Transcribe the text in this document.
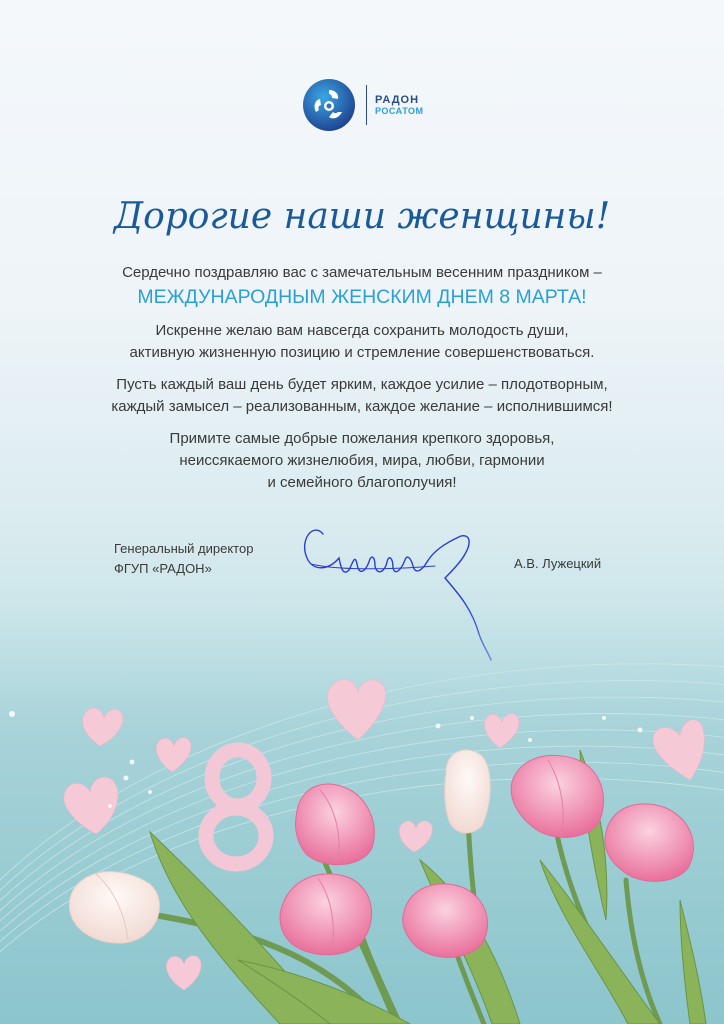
РАДОН
РОСАТОМ
Дорогие наши женщины!

Сердечно поздравляю вас с замечательным весенним праздником –
МЕЖДУНАРОДНЫМ ЖЕНСКИМ ДНЕМ 8 МАРТА!

Искренне желаю вам навсегда сохранить молодость души,
активную жизненную позицию и стремление совершенствоваться.

Пусть каждый ваш день будет ярким, каждое усилие – плодотворным,
каждый замысел – реализованным, каждое желание – исполнившимся!

Примите самые добрые пожелания крепкого здоровья,
неиссякаемого жизнелюбия, мира, любви, гармонии
и семейного благополучия!

Генеральный директор
ФГУП «РАДОН»	А.В. Лужецкий
